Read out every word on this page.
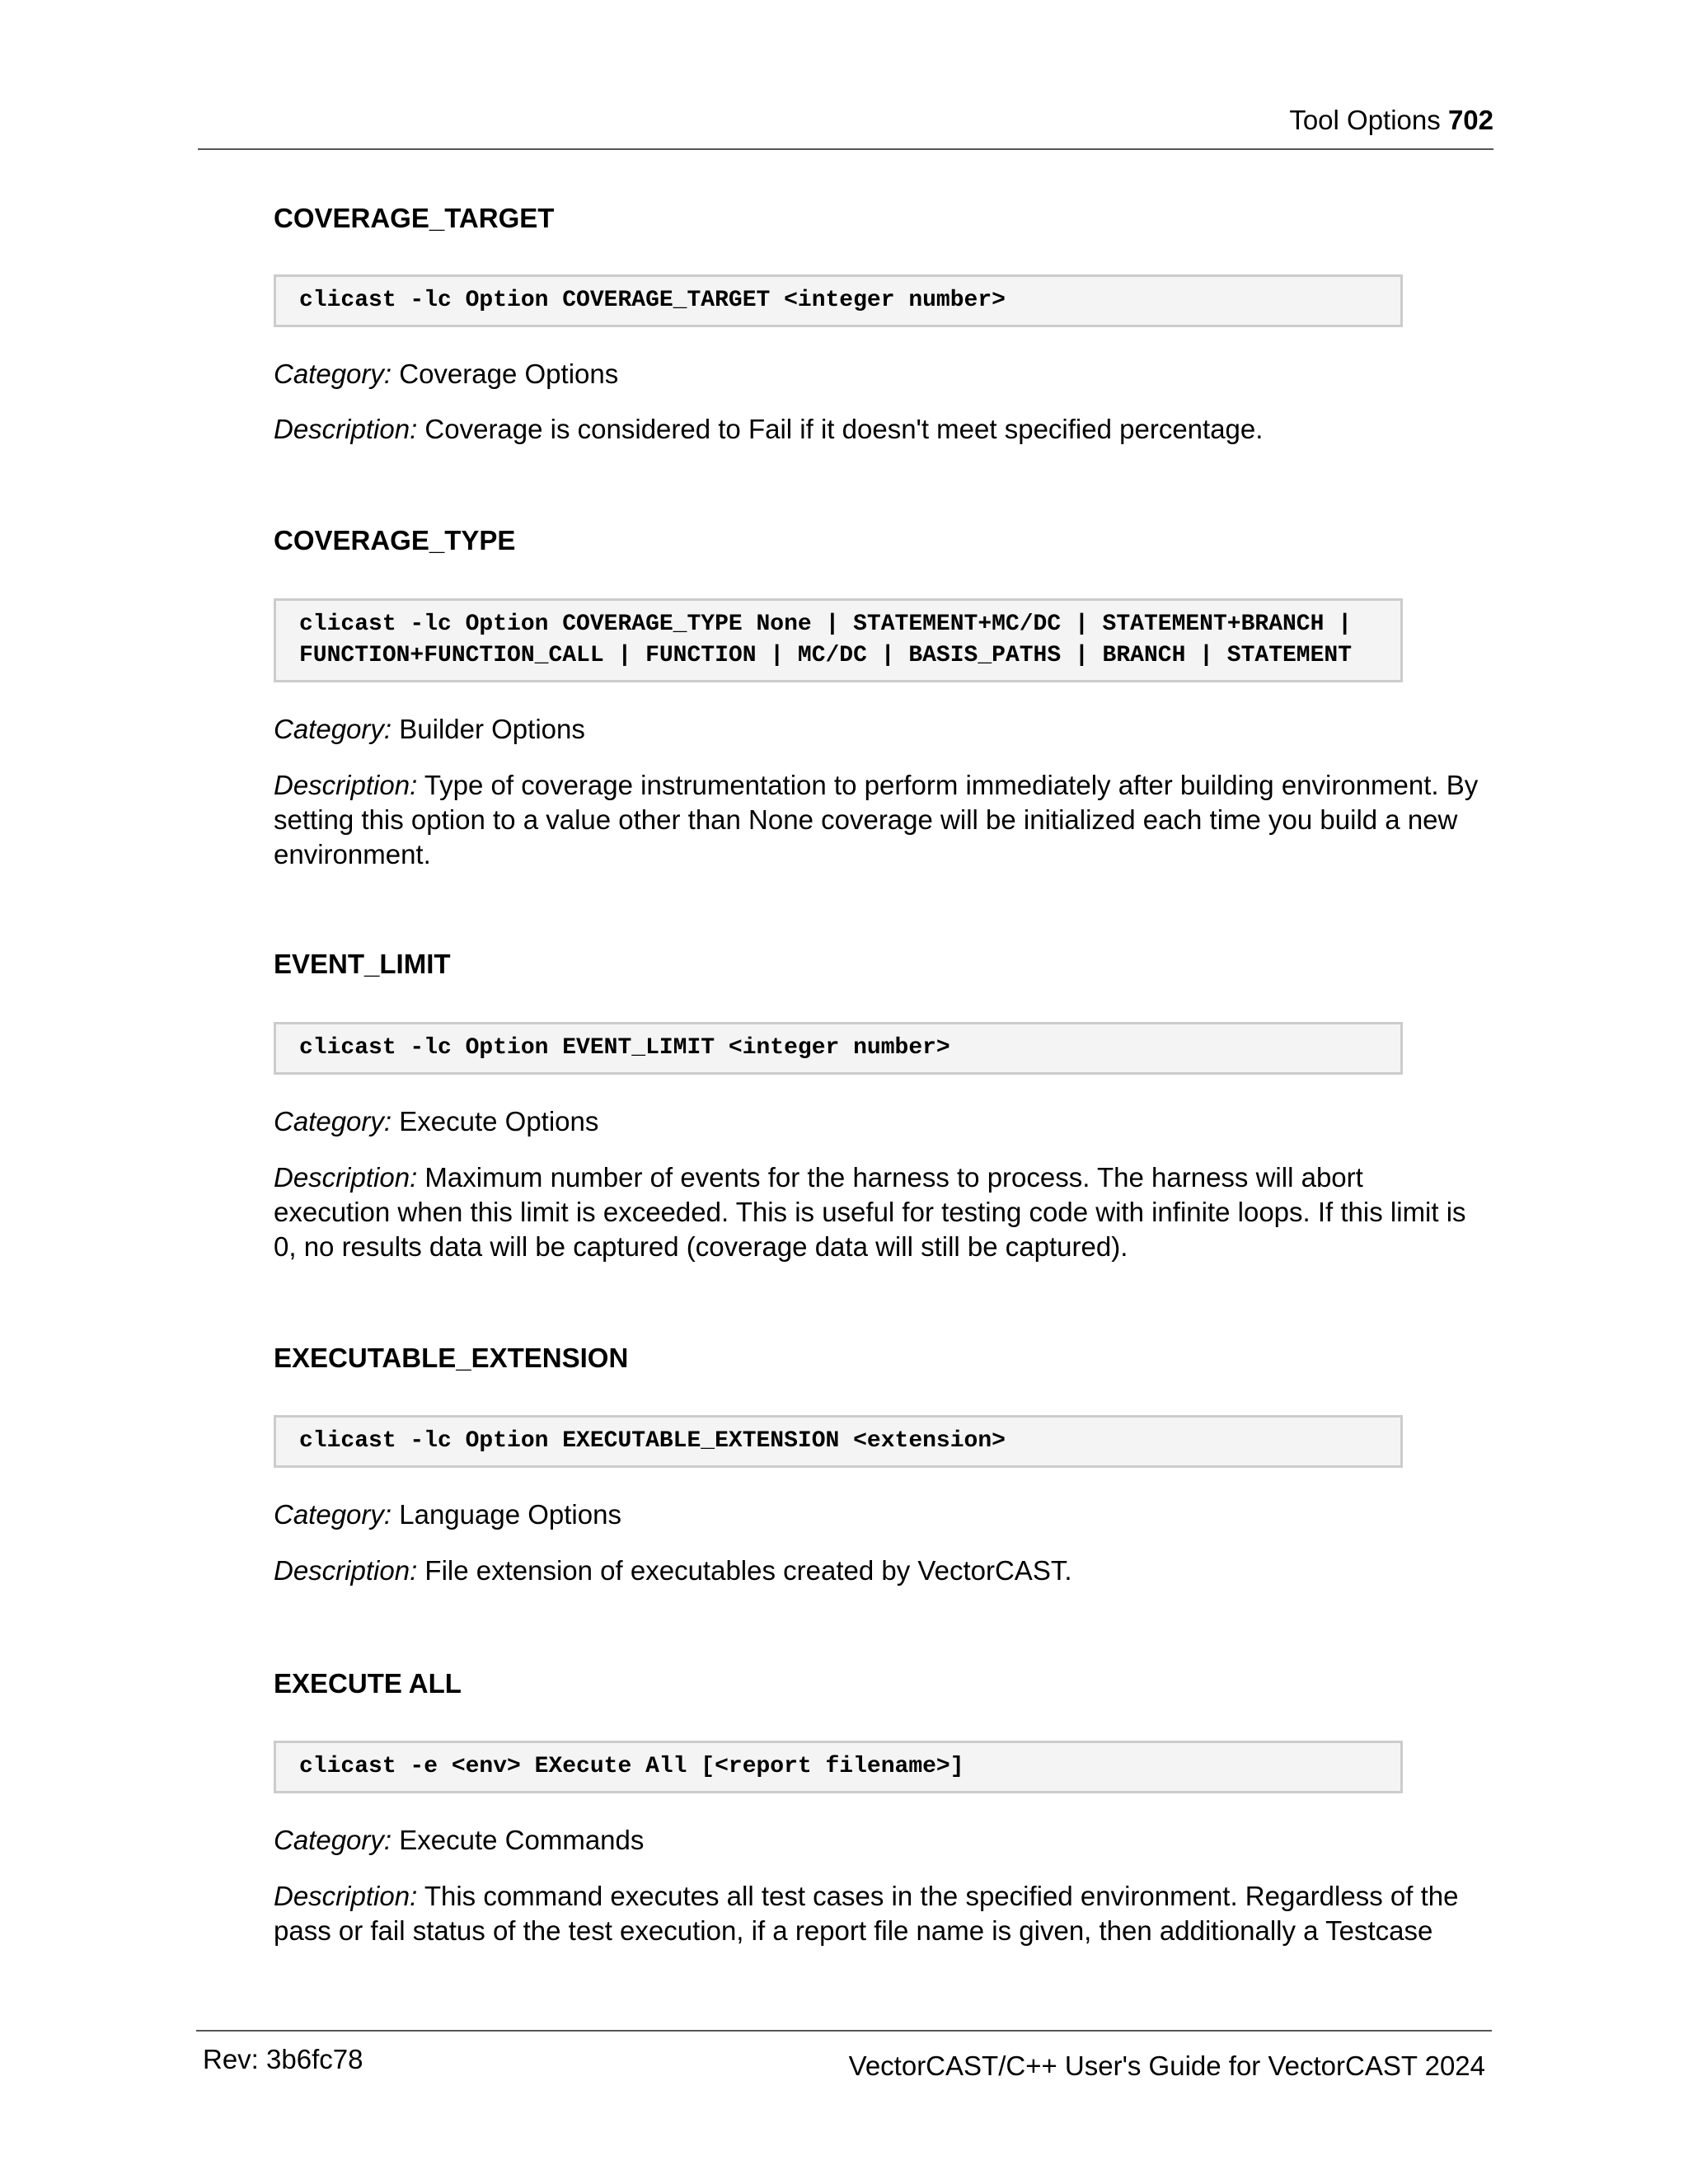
Tool Options 702
COVERAGE_TARGET
clicast -lc Option COVERAGE_TARGET <integer number>
Category: Coverage Options
Description: Coverage is considered to Fail if it doesn't meet specified percentage.
COVERAGE_TYPE
clicast -lc Option COVERAGE_TYPE None | STATEMENT+MC/DC | STATEMENT+BRANCH |
FUNCTION+FUNCTION_CALL | FUNCTION | MC/DC | BASIS_PATHS | BRANCH | STATEMENT
Category: Builder Options
Description: Type of coverage instrumentation to perform immediately after building environment. By setting this option to a value other than None coverage will be initialized each time you build a new environment.
EVENT_LIMIT
clicast -lc Option EVENT_LIMIT <integer number>
Category: Execute Options
Description: Maximum number of events for the harness to process. The harness will abort execution when this limit is exceeded. This is useful for testing code with infinite loops. If this limit is 0, no results data will be captured (coverage data will still be captured).
EXECUTABLE_EXTENSION
clicast -lc Option EXECUTABLE_EXTENSION <extension>
Category: Language Options
Description: File extension of executables created by VectorCAST.
EXECUTE ALL
clicast -e <env> EXecute All [<report filename>]
Category: Execute Commands
Description: This command executes all test cases in the specified environment. Regardless of the pass or fail status of the test execution, if a report file name is given, then additionally a Testcase
Rev: 3b6fc78	VectorCAST/C++ User's Guide for VectorCAST 2024
